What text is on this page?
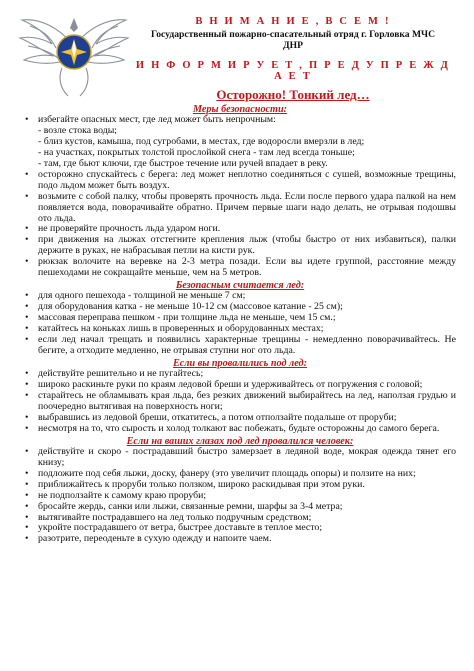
В Н И М А Н И Е , В С Е М !
Государственный пожарно-спасательный отряд г. Горловка МЧС
ДНР
И Н Ф О Р М И Р У Е Т , П Р Е Д У П Р Е Ж Д А Е Т
Осторожно! Тонкий лед…
Меры безопасности:
• избегайте опасных мест, где лед может быть непрочным:
- возле стока воды;
- близ кустов, камыша, под сугробами, в местах, где водоросли вмерзли в лед;
- на участках, покрытых толстой прослойкой снега - там лед всегда тоньше;
- там, где бьют ключи, где быстрое течение или ручей впадает в реку.
• осторожно спускайтесь с берега: лед может неплотно соединяться с сушей, возможные трещины, подо льдом может быть воздух.
• возьмите с собой палку, чтобы проверять прочность льда. Если после первого удара палкой на нем появляется вода, поворачивайте обратно. Причем первые шаги надо делать, не отрывая подошвы ото льда.
• не проверяйте прочность льда ударом ноги.
• при движения на лыжах отстегните крепления лыж (чтобы быстро от них избавиться), палки держите в руках, не набрасывая петли на кисти рук.
• рюкзак волочите на веревке на 2-3 метра позади. Если вы идете группой, расстояние между пешеходами не сокращайте меньше, чем на 5 метров.
Безопасным считается лед:
• для одного пешехода - толщиной не меньше 7 см;
• для оборудования катка - не меньше 10-12 см (массовое катание - 25 см);
• массовая переправа пешком - при толщине льда не меньше, чем 15 см.;
• катайтесь на коньках лишь в проверенных и оборудованных местах;
• если лед начал трещать и появились характерные трещины - немедленно поворачивайтесь. Не бегите, а отходите медленно, не отрывая ступни ног ото льда.
Если вы провалились под лед:
• действуйте решительно и не пугайтесь;
• широко раскиньте руки по краям ледовой бреши и удерживайтесь от погружения с головой;
• старайтесь не обламывать края льда, без резких движений выбирайтесь на лед, наползая грудью и поочередно вытягивая на поверхность ноги;
• выбравшись из ледовой бреши, откатитесь, а потом отползайте подальше от проруби;
• несмотря на то, что сырость и холод толкают вас побежать, будьте осторожны до самого берега.
Если на ваших глазах под лед провалился человек:
• действуйте и скоро - пострадавший быстро замерзает в ледяной воде, мокрая одежда тянет его книзу;
• подложите под себя лыжи, доску, фанеру (это увеличит площадь опоры) и ползите на них;
• приближайтесь к проруби только ползком, широко раскидывая при этом руки.
• не подползайте к самому краю проруби;
• бросайте жердь, санки или лыжи, связанные ремни, шарфы за 3-4 метра;
• вытягивайте пострадавшего на лед только подручным средством;
• укройте пострадавшего от ветра, быстрее доставьте в теплое место;
• разотрите, переоденьте в сухую одежду и напоите чаем.
